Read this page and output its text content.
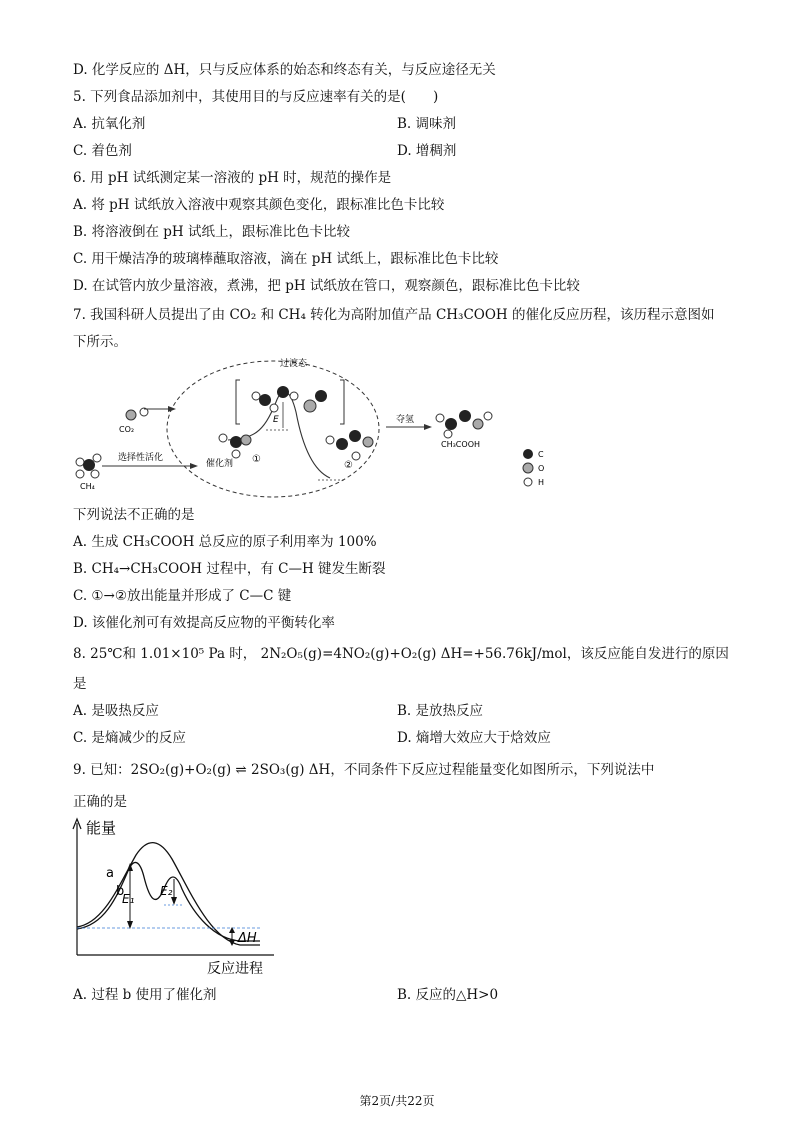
D. 化学反应的 ΔH，只与反应体系的始态和终态有关，与反应途径无关
5. 下列食品添加剂中，其使用目的与反应速率有关的是(　　)
A. 抗氧化剂	B. 调味剂
C. 着色剂	D. 增稠剂
6. 用 pH 试纸测定某一溶液的 pH 时，规范的操作是
A. 将 pH 试纸放入溶液中观察其颜色变化，跟标准比色卡比较
B. 将溶液倒在 pH 试纸上，跟标准比色卡比较
C. 用干燥洁净的玻璃棒蘸取溶液，滴在 pH 试纸上，跟标准比色卡比较
D. 在试管内放少量溶液，煮沸，把 pH 试纸放在管口，观察颜色，跟标准比色卡比较
7. 我国科研人员提出了由 CO₂ 和 CH₄ 转化为高附加值产品 CH₃COOH 的催化反应历程，该历程示意图如
下所示。
过渡态
E
CO₂
CH₄
选择性活化
催化剂 ①
②
夺氢
CH₃COOH
C
O
H
下列说法不正确的是
A. 生成 CH₃COOH 总反应的原子利用率为 100%
B. CH₄→CH₃COOH 过程中，有 C—H 键发生断裂
C. ①→②放出能量并形成了 C—C 键
D. 该催化剂可有效提高反应物的平衡转化率
8. 25℃和 1.01×10⁵ Pa 时， 2N₂O₅(g)=4NO₂(g)+O₂(g) ΔH=+56.76kJ/mol，该反应能自发进行的原因
是
A. 是吸热反应	B. 是放热反应
C. 是熵减少的反应	D. 熵增大效应大于焓效应
9. 已知：2SO₂(g)+O₂(g) ⇌ 2SO₃(g) ΔH，不同条件下反应过程能量变化如图所示，下列说法中
正确的是
能量
反应进程
a
b
E₁
E₂
ΔH
A. 过程 b 使用了催化剂	B. 反应的△H>0
第2页/共22页
